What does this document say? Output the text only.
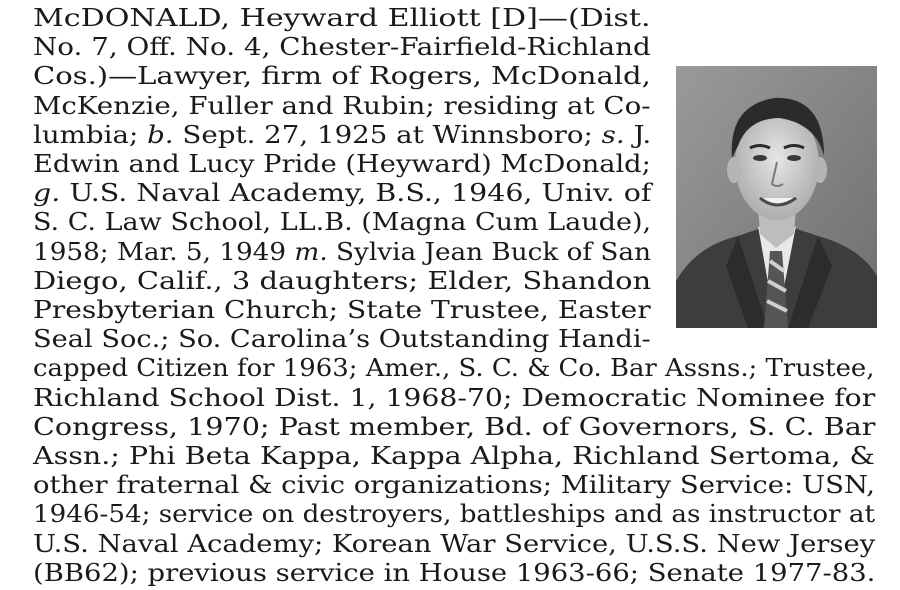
McDONALD, Heyward Elliott [D]—(Dist.
No. 7, Off. No. 4, Chester-Fairfield-Richland
Cos.)—Lawyer, firm of Rogers, McDonald,
McKenzie, Fuller and Rubin; residing at Co-
lumbia; b. Sept. 27, 1925 at Winnsboro; s. J.
Edwin and Lucy Pride (Heyward) McDonald;
g. U.S. Naval Academy, B.S., 1946, Univ. of
S. C. Law School, LL.B. (Magna Cum Laude),
1958; Mar. 5, 1949 m. Sylvia Jean Buck of San
Diego, Calif., 3 daughters; Elder, Shandon
Presbyterian Church; State Trustee, Easter
Seal Soc.; So. Carolina’s Outstanding Handi-
capped Citizen for 1963; Amer., S. C. & Co. Bar Assns.; Trustee,
Richland School Dist. 1, 1968-70; Democratic Nominee for
Congress, 1970; Past member, Bd. of Governors, S. C. Bar
Assn.; Phi Beta Kappa, Kappa Alpha, Richland Sertoma, &
other fraternal & civic organizations; Military Service: USN,
1946-54; service on destroyers, battleships and as instructor at
U.S. Naval Academy; Korean War Service, U.S.S. New Jersey
(BB62); previous service in House 1963-66; Senate 1977-83.
